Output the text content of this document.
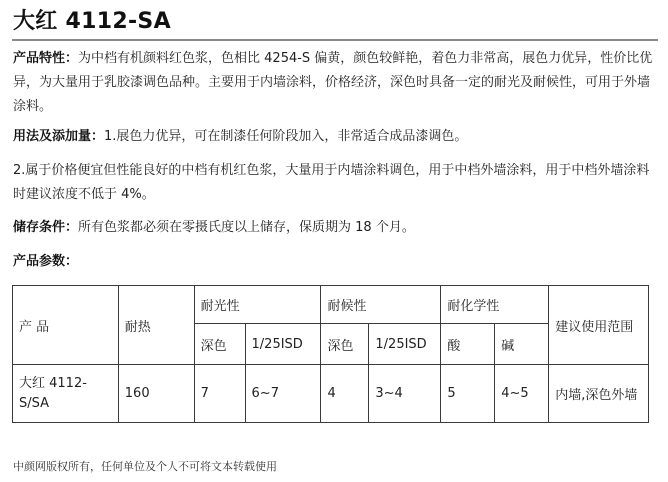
大红 4112-SA
产品特性：为中档有机颜料红色浆，色相比 4254-S 偏黄，颜色较鲜艳，着色力非常高，展色力优异，性价比优异，为大量用于乳胶漆调色品种。主要用于内墙涂料，价格经济，深色时具备一定的耐光及耐候性，可用于外墙涂料。
用法及添加量：1.展色力优异，可在制漆任何阶段加入，非常适合成品漆调色。
2.属于价格便宜但性能良好的中档有机红色浆，大量用于内墙涂料调色，用于中档外墙涂料，用于中档外墙涂料时建议浓度不低于 4%。
储存条件：所有色浆都必须在零摄氏度以上储存，保质期为 18 个月。
产品参数：
产 品	耐热	耐光性		耐候性		耐化学性		建议使用范围
		深色	1/25ISD	深色	1/25ISD	酸	碱	
大红 4112-S/SA	160	7	6~7	4	3~4	5	4~5	内墙,深色外墙
中颜网版权所有，任何单位及个人不可将文本转载使用
